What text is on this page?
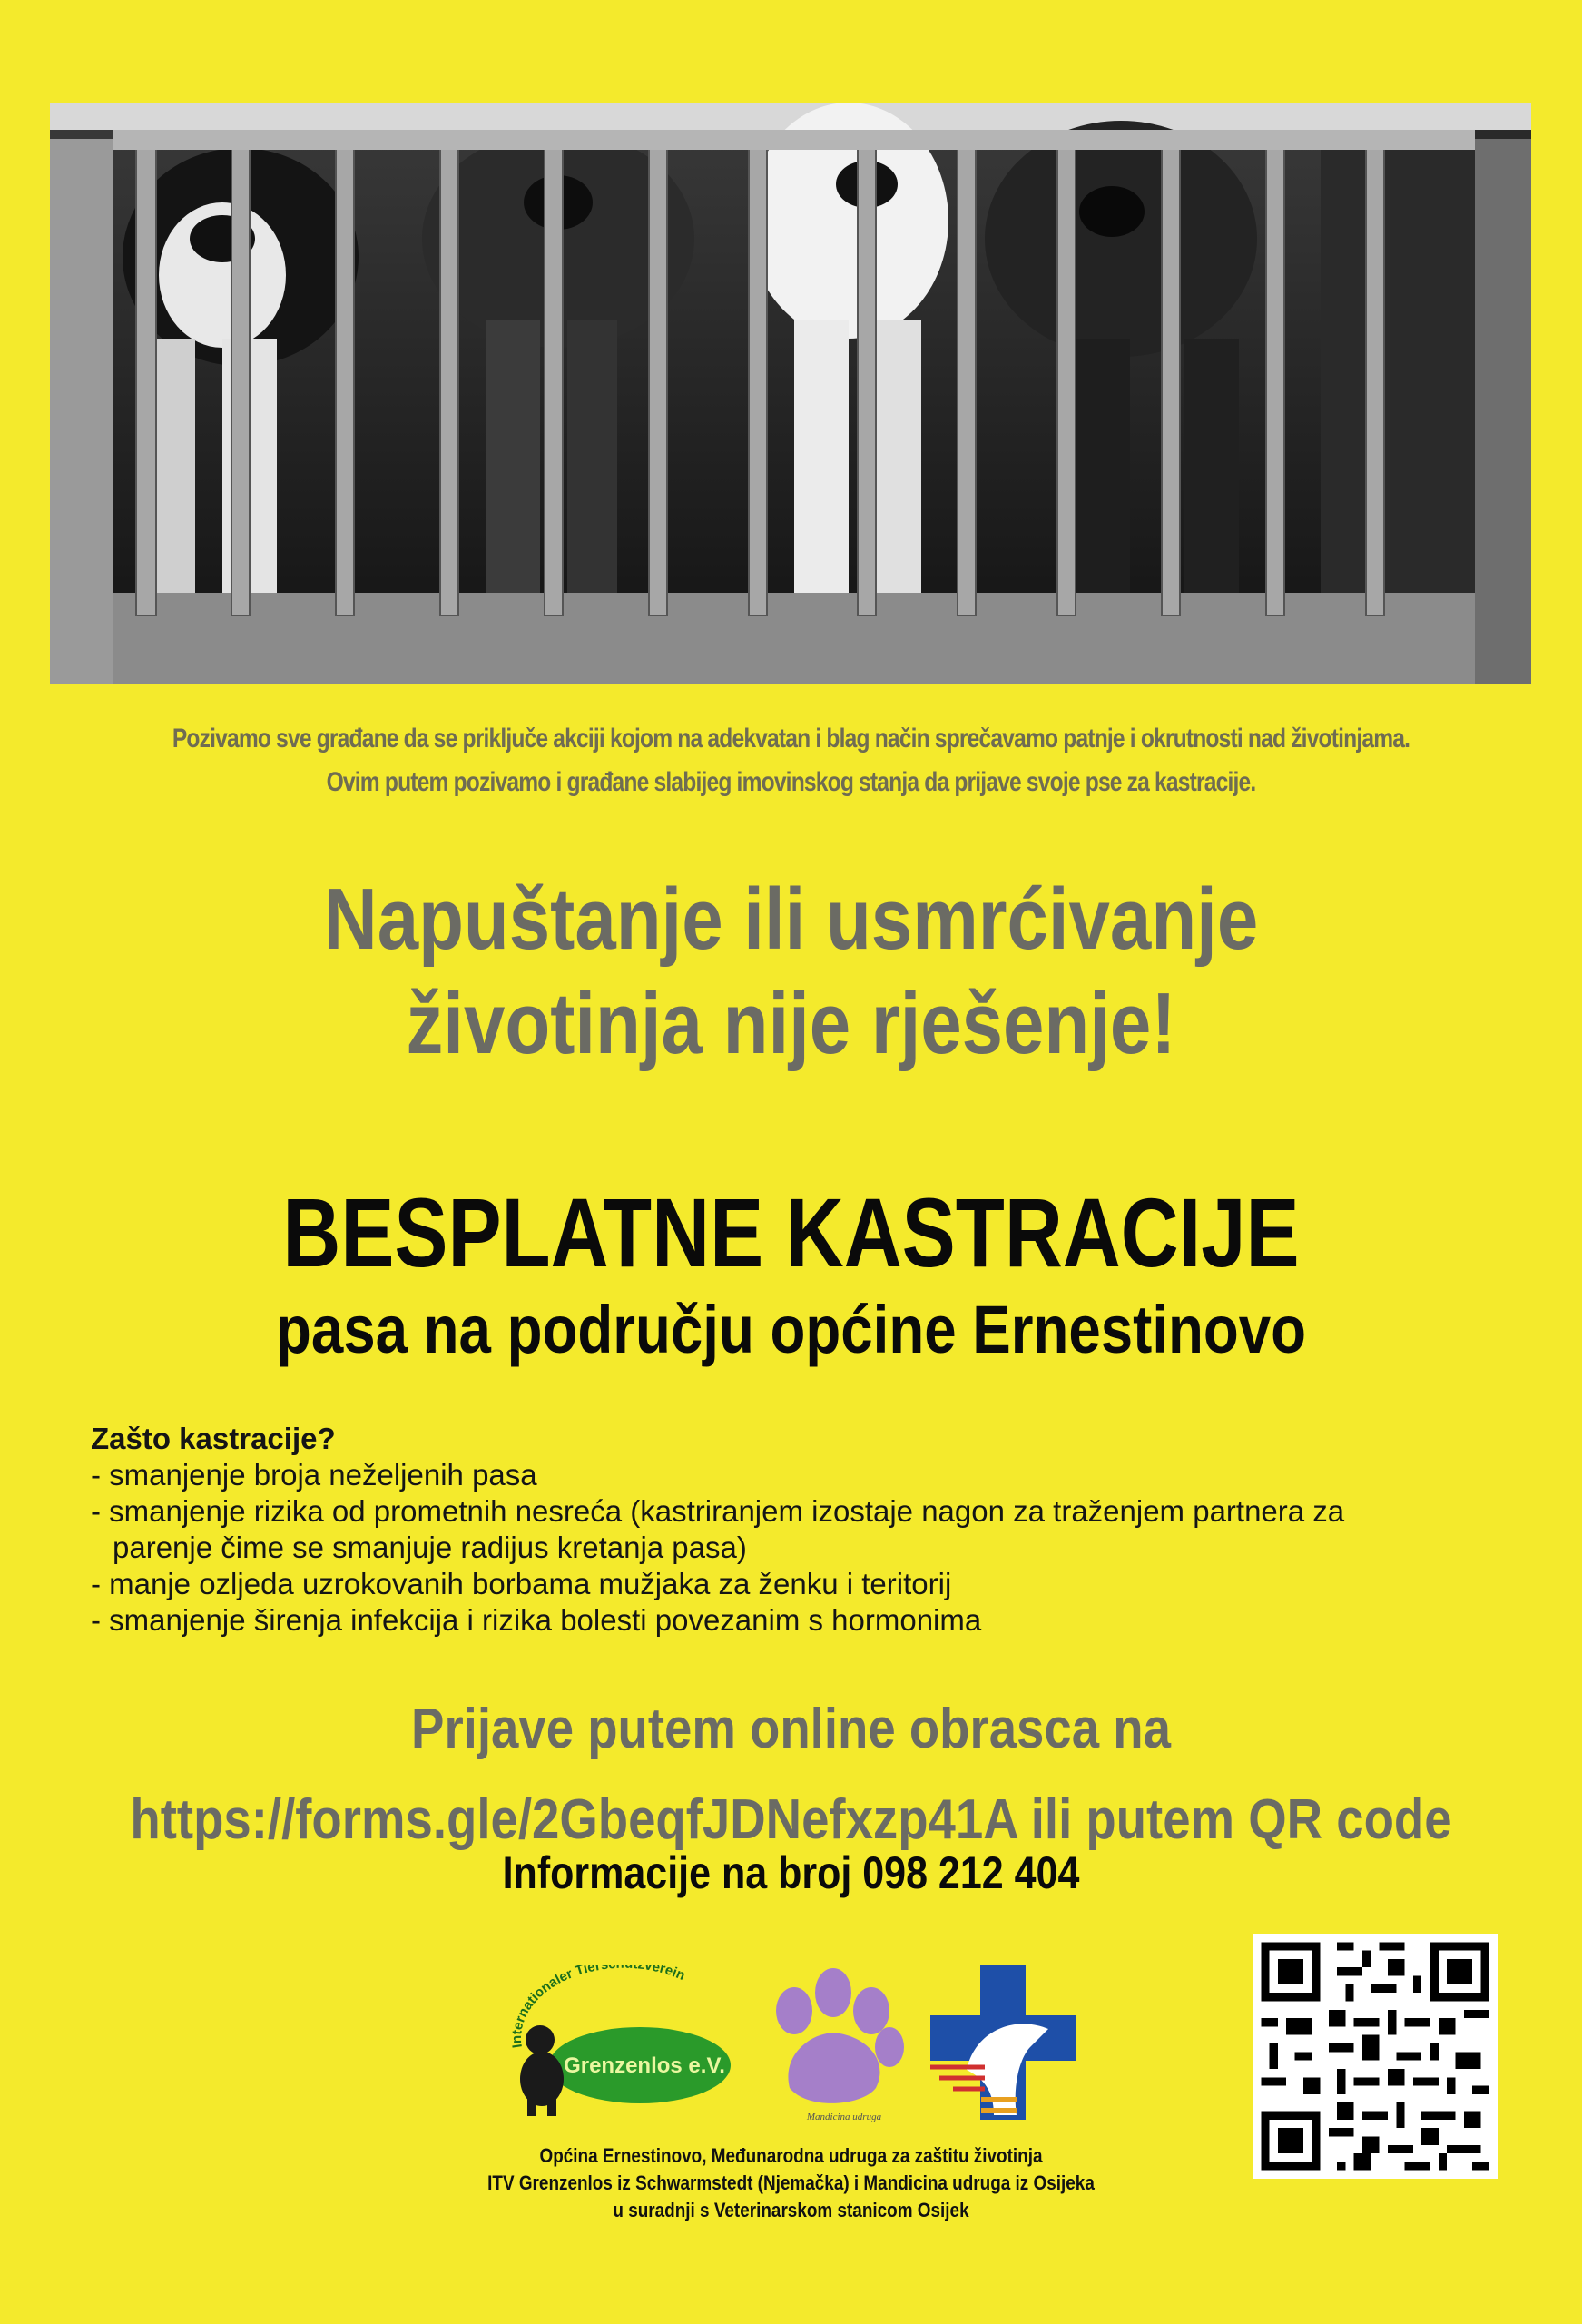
Pozivamo sve građane da se priključe akciji kojom na adekvatan i blag način sprečavamo patnje i okrutnosti nad životinjama.
Ovim putem pozivamo i građane slabijeg imovinskog stanja da prijave svoje pse za kastracije.
Napuštanje ili usmrćivanje
životinja nije rješenje!
BESPLATNE KASTRACIJE
pasa na području općine Ernestinovo
Zašto kastracije?
- smanjenje broja neželjenih pasa
- smanjenje rizika od prometnih nesreća (kastriranjem izostaje nagon za traženjem partnera za
parenje čime se smanjuje radijus kretanja pasa)
- manje ozljeda uzrokovanih borbama mužjaka za ženku i teritorij
- smanjenje širenja infekcija i rizika bolesti povezanim s hormonima
Prijave putem online obrasca na
https://forms.gle/2GbeqfJDNefxzp41A ili putem QR code
Informacije na broj 098 212 404
Internationaler Tier verein
Grenzenlos e.V.
Mandicina udruga
Općina Ernestinovo, Međunarodna udruga za zaštitu životinja
ITV Grenzenlos iz Schwarmstedt (Njemačka) i Mandicina udruga iz Osijeka
u suradnji s Veterinarskom stanicom Osijek
